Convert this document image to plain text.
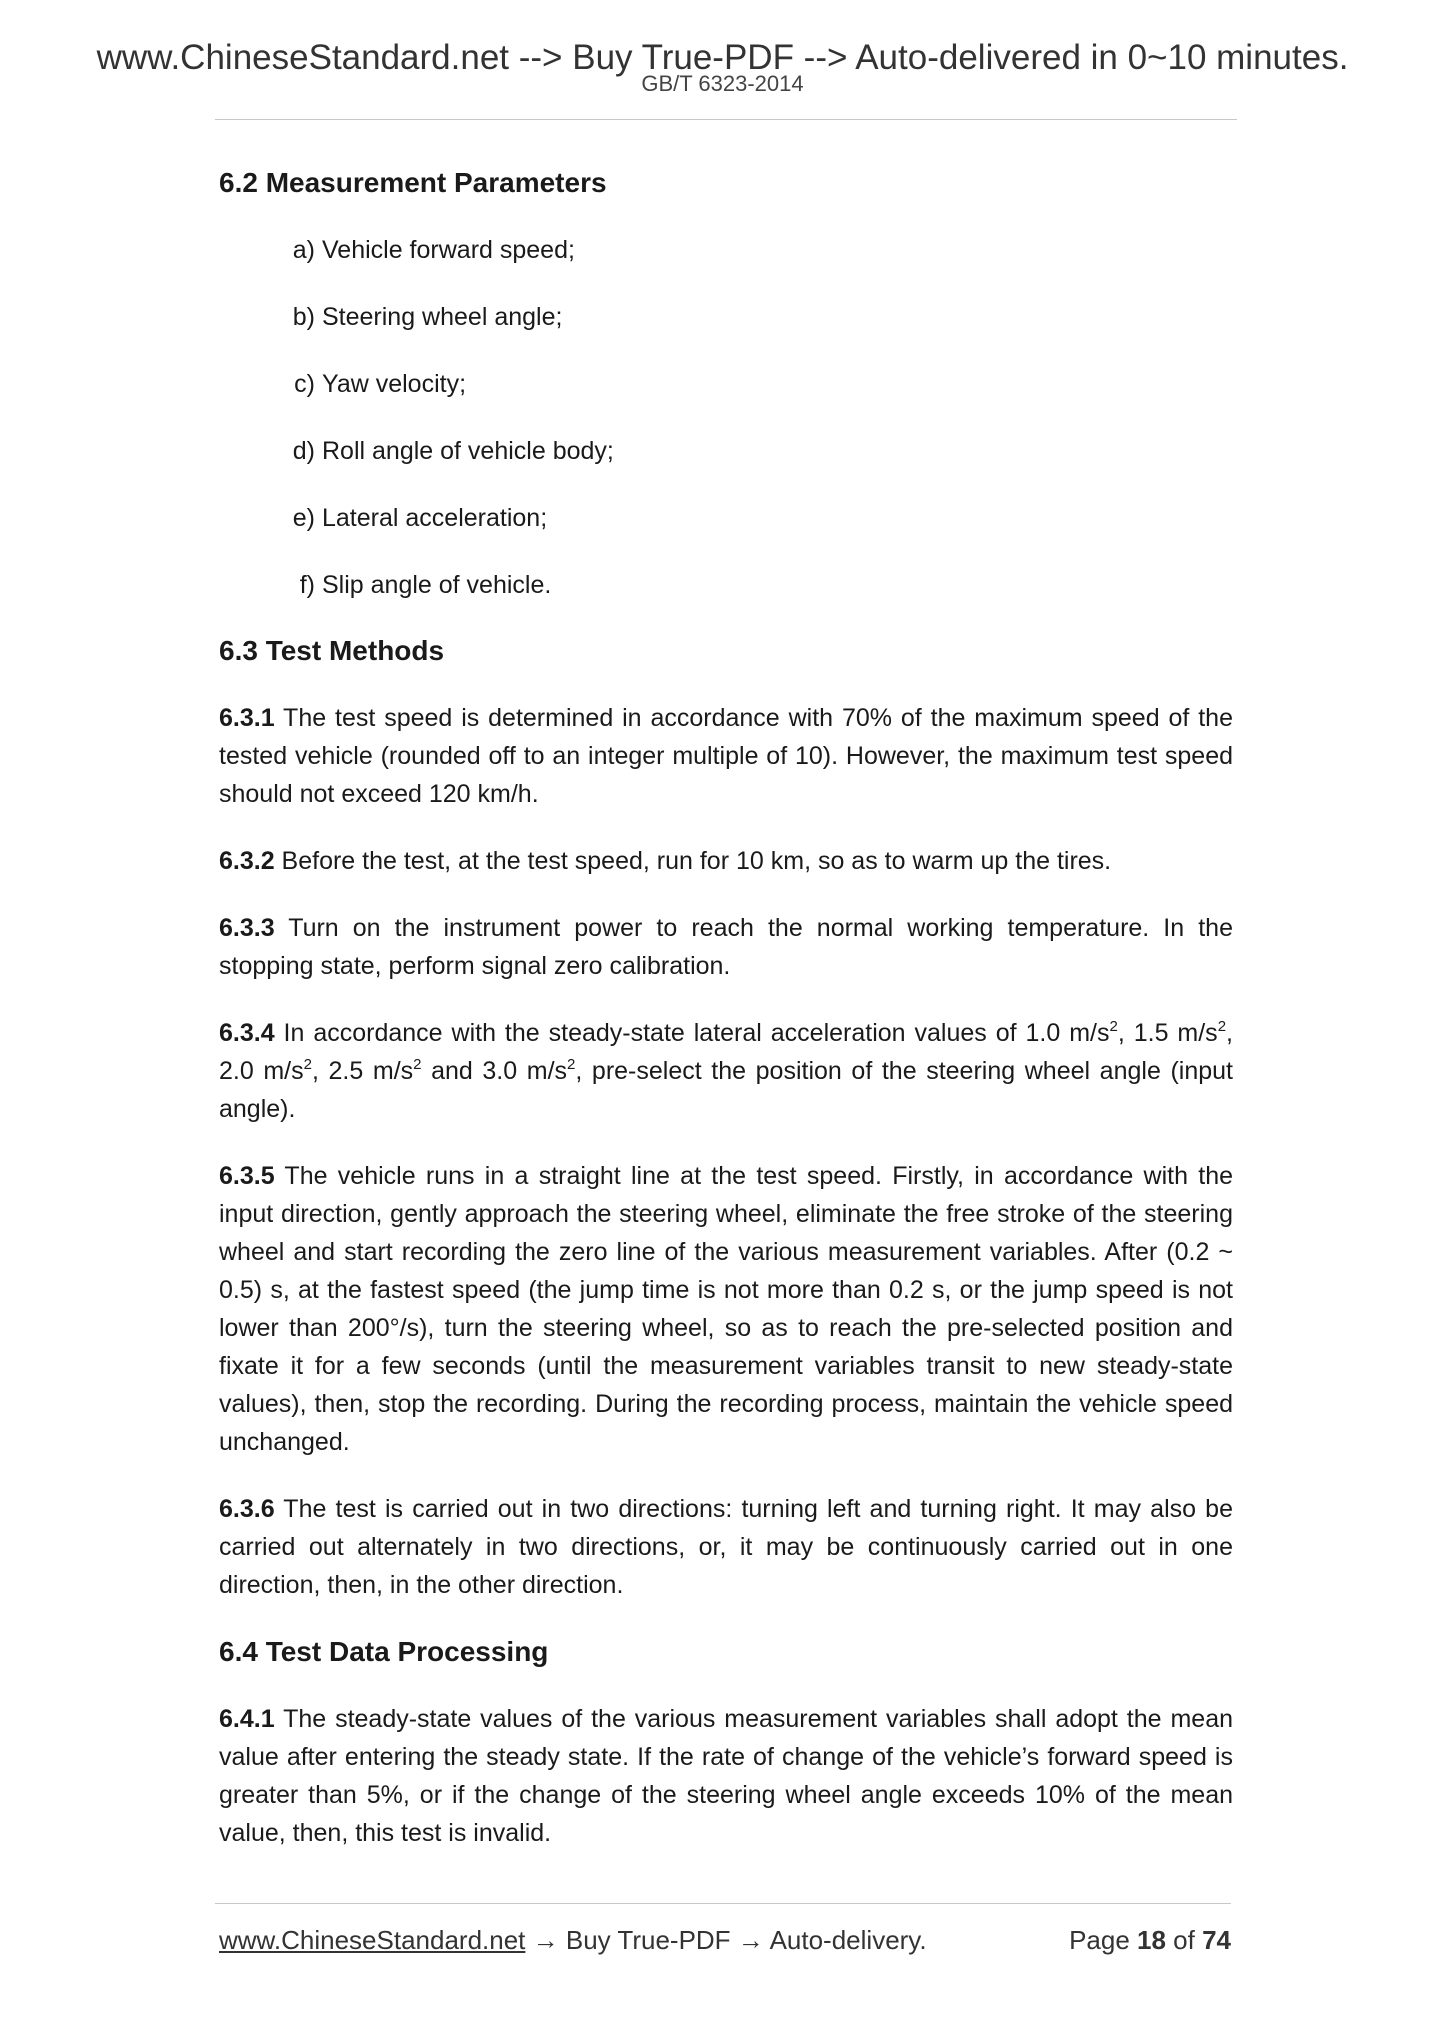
www.ChineseStandard.net --> Buy True-PDF --> Auto-delivered in 0~10 minutes.
GB/T 6323-2014
6.2 Measurement Parameters
a) Vehicle forward speed;
b) Steering wheel angle;
c) Yaw velocity;
d) Roll angle of vehicle body;
e) Lateral acceleration;
f) Slip angle of vehicle.
6.3 Test Methods

6.3.1 The test speed is determined in accordance with 70% of the maximum speed of the tested vehicle (rounded off to an integer multiple of 10). However, the maximum test speed should not exceed 120 km/h.

6.3.2 Before the test, at the test speed, run for 10 km, so as to warm up the tires.

6.3.3 Turn on the instrument power to reach the normal working temperature. In the stopping state, perform signal zero calibration.

6.3.4 In accordance with the steady-state lateral acceleration values of 1.0 $m/s^2$, 1.5 $m/s^2$, 2.0 $m/s^2$, 2.5 $m/s^2$ and 3.0 $m/s^2$, pre-select the position of the steering wheel angle (input angle).

6.3.5 The vehicle runs in a straight line at the test speed. Firstly, in accordance with the input direction, gently approach the steering wheel, eliminate the free stroke of the steering wheel and start recording the zero line of the various measurement variables. After (0.2 ~ 0.5) s, at the fastest speed (the jump time is not more than 0.2 s, or the jump speed is not lower than 200°/s), turn the steering wheel, so as to reach the pre-selected position and fixate it for a few seconds (until the measurement variables transit to new steady-state values), then, stop the recording. During the recording process, maintain the vehicle speed unchanged.

6.3.6 The test is carried out in two directions: turning left and turning right. It may also be carried out alternately in two directions, or, it may be continuously carried out in one direction, then, in the other direction.

6.4 Test Data Processing

6.4.1 The steady-state values of the various measurement variables shall adopt the mean value after entering the steady state. If the rate of change of the vehicle’s forward speed is greater than 5%, or if the change of the steering wheel angle exceeds 10% of the mean value, then, this test is invalid.

www.ChineseStandard.net → Buy True-PDF → Auto-delivery.	Page 18 of 74
